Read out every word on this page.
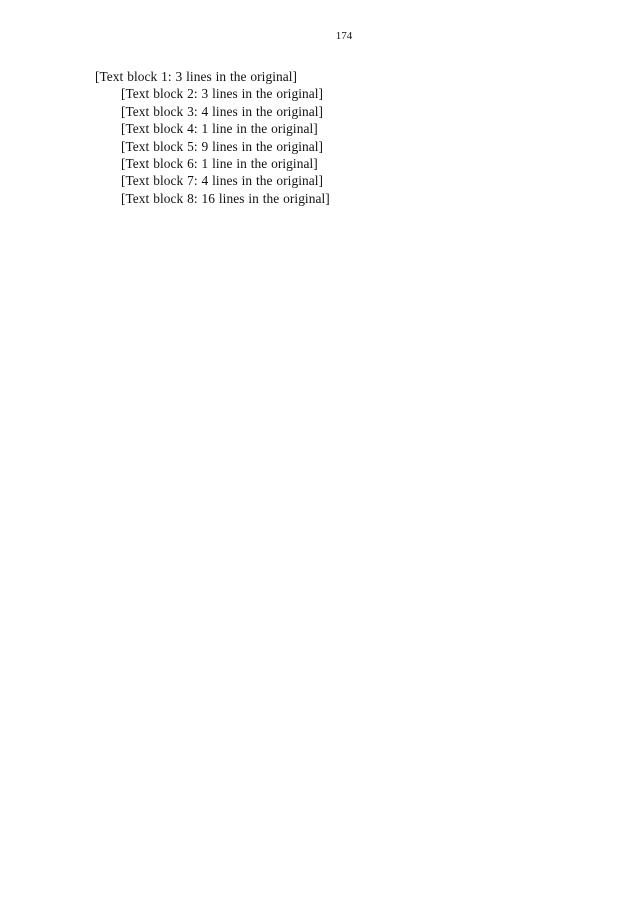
174

[Text block 1: 3 lines in the original]

[Text block 2: 3 lines in the original]

[Text block 3: 4 lines in the original]

[Text block 4: 1 line in the original]

[Text block 5: 9 lines in the original]

[Text block 6: 1 line in the original]

[Text block 7: 4 lines in the original]

[Text block 8: 16 lines in the original]
